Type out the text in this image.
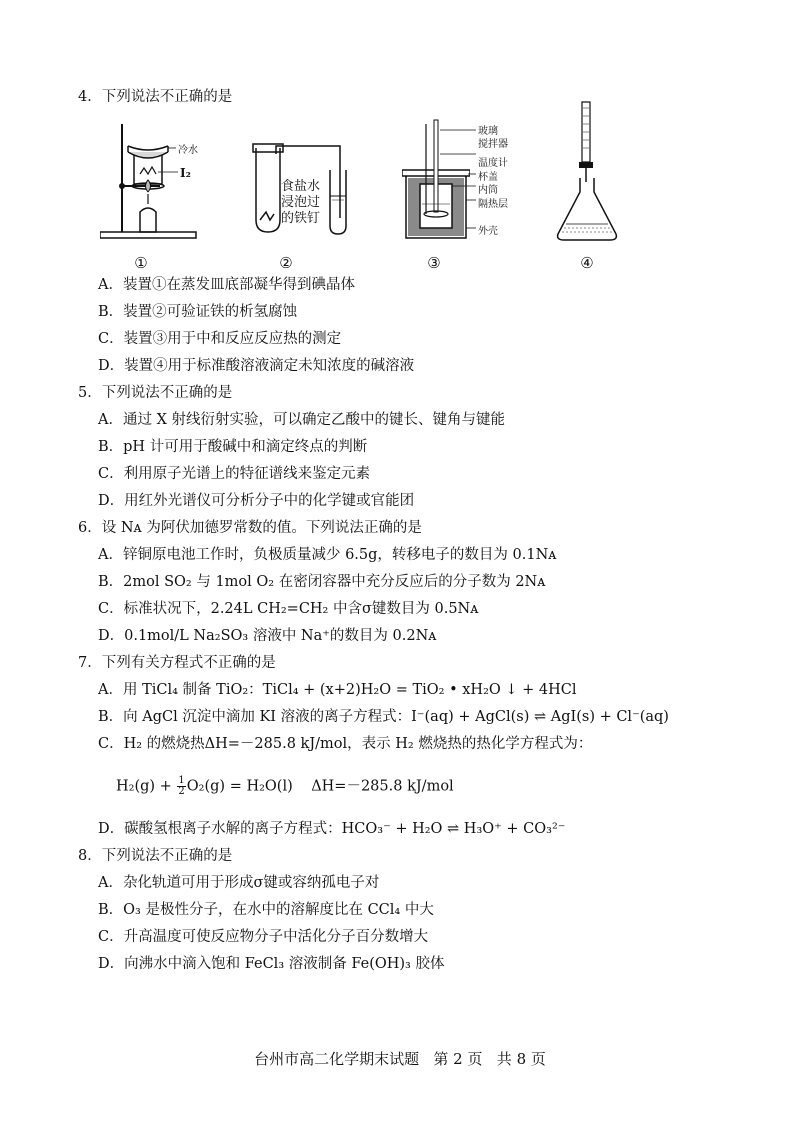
4．下列说法不正确的是
冷水
I₂
①
食盐水
浸泡过
的铁钉
②
玻璃
搅拌器
温度计
杯盖
内筒
隔热层
外壳
③	④
A．装置①在蒸发皿底部凝华得到碘晶体
B．装置②可验证铁的析氢腐蚀
C．装置③用于中和反应反应热的测定
D．装置④用于标准酸溶液滴定未知浓度的碱溶液
5．下列说法不正确的是
A．通过 X 射线衍射实验，可以确定乙酸中的键长、键角与键能
B．pH 计可用于酸碱中和滴定终点的判断
C．利用原子光谱上的特征谱线来鉴定元素
D．用红外光谱仪可分析分子中的化学键或官能团
6．设 Nᴀ 为阿伏加德罗常数的值。下列说法正确的是
A．锌铜原电池工作时，负极质量减少 6.5g，转移电子的数目为 0.1Nᴀ
B．2mol SO₂ 与 1mol O₂ 在密闭容器中充分反应后的分子数为 2Nᴀ
C．标准状况下，2.24L CH₂=CH₂ 中含σ键数目为 0.5Nᴀ
D．0.1mol/L Na₂SO₃ 溶液中 Na⁺的数目为 0.2Nᴀ
7．下列有关方程式不正确的是
A．用 TiCl₄ 制备 TiO₂：TiCl₄ + (x+2)H₂O = TiO₂ • xH₂O ↓ + 4HCl
B．向 AgCl 沉淀中滴加 KI 溶液的离子方程式：I⁻(aq) + AgCl(s) ⇌ AgI(s) + Cl⁻(aq)
C．H₂ 的燃烧热ΔH=－285.8 kJ/mol，表示 H₂ 燃烧热的热化学方程式为：
$H_2(g) + \frac{1}{2} O_2(g) = H_2O(l)$    ΔH=－285.8 kJ/mol
D．碳酸氢根离子水解的离子方程式：HCO₃⁻ + H₂O ⇌ H₃O⁺ + CO₃²⁻
8．下列说法不正确的是
A．杂化轨道可用于形成σ键或容纳孤电子对
B．O₃ 是极性分子，在水中的溶解度比在 CCl₄ 中大
C．升高温度可使反应物分子中活化分子百分数增大
D．向沸水中滴入饱和 FeCl₃ 溶液制备 Fe(OH)₃ 胶体
台州市高二化学期末试题   第 2 页   共 8 页
